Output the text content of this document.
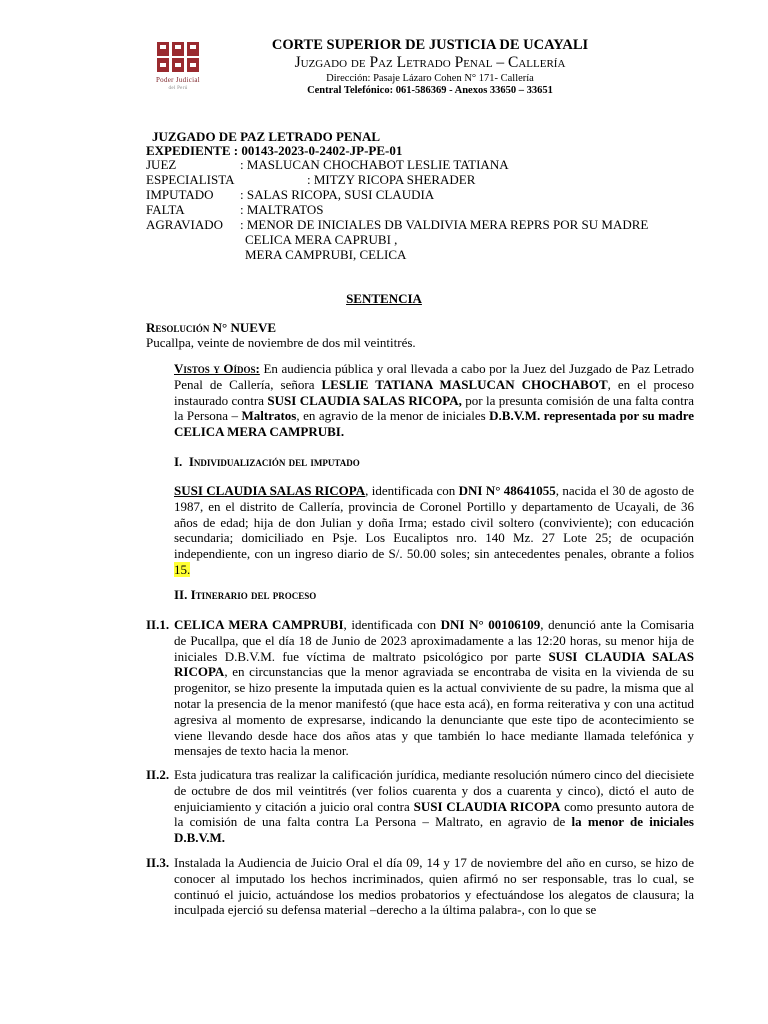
Poder Judicial
del Perú
CORTE SUPERIOR DE JUSTICIA DE UCAYALI
Juzgado de Paz Letrado Penal – Callería
Dirección: Pasaje Lázaro Cohen N° 171- Callería
Central Telefónico: 061-586369 - Anexos 33650 – 33651
JUZGADO DE PAZ LETRADO PENAL
EXPEDIENTE : 00143-2023-0-2402-JP-PE-01
JUEZ	: MASLUCAN CHOCHABOT LESLIE TATIANA
ESPECIALISTA	: MITZY RICOPA SHERADER
IMPUTADO : SALAS RICOPA, SUSI CLAUDIA
FALTA	: MALTRATOS
AGRAVIADO : MENOR DE INICIALES DB VALDIVIA MERA REPRS POR SU MADRE
CELICA MERA CAPRUBI ,
MERA CAMPRUBI, CELICA
SENTENCIA
Resolución N° NUEVE
Pucallpa, veinte de noviembre de dos mil veintitrés.
Vistos y Oídos: En audiencia pública y oral llevada a cabo por la Juez del Juzgado de Paz Letrado Penal de Callería, señora LESLIE TATIANA MASLUCAN CHOCHABOT, en el proceso instaurado contra SUSI CLAUDIA SALAS RICOPA, por la presunta comisión de una falta contra la Persona – Maltratos, en agravio de la menor de iniciales D.B.V.M. representada por su madre CELICA MERA CAMPRUBI.
I. Individualización del imputado
SUSI CLAUDIA SALAS RICOPA, identificada con DNI N° 48641055, nacida el 30 de agosto de 1987, en el distrito de Callería, provincia de Coronel Portillo y departamento de Ucayali, de 36 años de edad; hija de don Julian y doña Irma; estado civil soltero (conviviente); con educación secundaria; domiciliado en Psje. Los Eucaliptos nro. 140 Mz. 27 Lote 25; de ocupación independiente, con un ingreso diario de S/. 50.00 soles; sin antecedentes penales, obrante a folios 15.
II. Itinerario del proceso
II.1. CELICA MERA CAMPRUBI, identificada con DNI N° 00106109, denunció ante la Comisaria de Pucallpa, que el día 18 de Junio de 2023 aproximadamente a las 12:20 horas, su menor hija de iniciales D.B.V.M. fue víctima de maltrato psicológico por parte SUSI CLAUDIA SALAS RICOPA, en circunstancias que la menor agraviada se encontraba de visita en la vivienda de su progenitor, se hizo presente la imputada quien es la actual conviviente de su padre, la misma que al notar la presencia de la menor manifestó (que hace esta acá), en forma reiterativa y con una actitud agresiva al momento de expresarse, indicando la denunciante que este tipo de acontecimiento se viene llevando desde hace dos años atas y que también lo hace mediante llamada telefónica y mensajes de texto hacia la menor.
II.2. Esta judicatura tras realizar la calificación jurídica, mediante resolución número cinco del diecisiete de octubre de dos mil veintitrés (ver folios cuarenta y dos a cuarenta y cinco), dictó el auto de enjuiciamiento y citación a juicio oral contra SUSI CLAUDIA RICOPA como presunto autora de la comisión de una falta contra La Persona – Maltrato, en agravio de la menor de iniciales D.B.V.M.
II.3. Instalada la Audiencia de Juicio Oral el día 09, 14 y 17 de noviembre del año en curso, se hizo de conocer al imputado los hechos incriminados, quien afirmó no ser responsable, tras lo cual, se continuó el juicio, actuándose los medios probatorios y efectuándose los alegatos de clausura; la inculpada ejerció su defensa material –derecho a la última palabra-, con lo que se
